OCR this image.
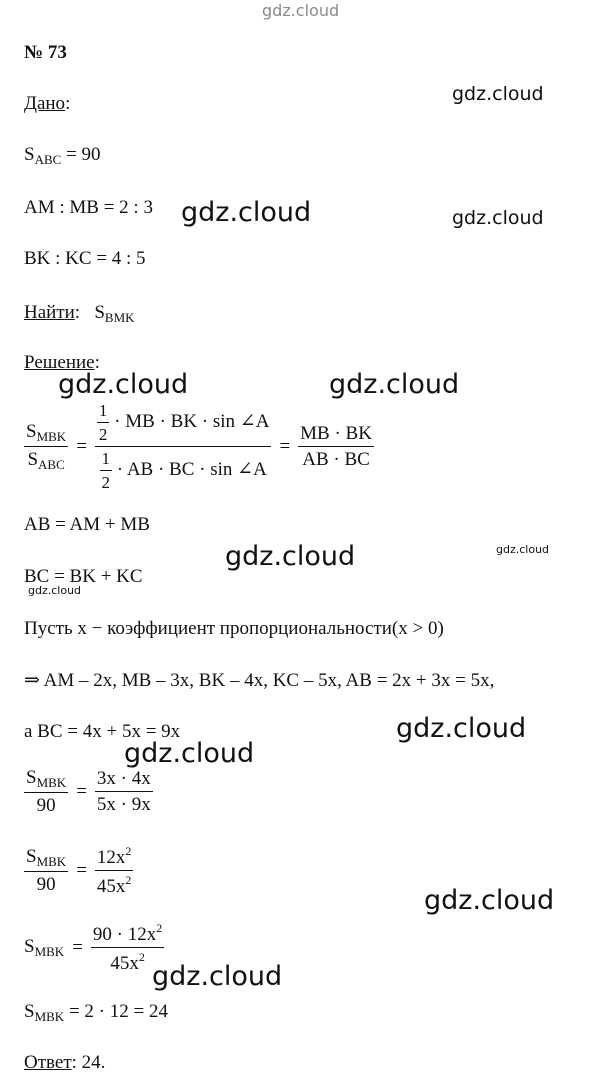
gdz.cloud
gdz.cloud
gdz.cloud	gdz.cloud
gdz.cloud	gdz.cloud
gdz.cloud	gdz.cloud
gdz.cloud
gdz.cloud
gdz.cloud
gdz.cloud
gdz.cloud
№ 73
Дано:
$S_{ABC} = 90$
AM : MB = 2 : 3
BK : KC = 4 : 5
Найти:   $S_{BMK}$
Решение:
$\frac{S_{MBK}}{S_{ABC}} = \frac{\frac{1}{2} \cdot MB \cdot BK \cdot \sin \angle A}{\frac{1}{2} \cdot AB \cdot BC \cdot \sin \angle A} = \frac{MB \cdot BK}{AB \cdot BC}$
AB = AM + MB
BC = BK + KC
Пусть x − коэффициент пропорциональности(x > 0)
⇒ AM – 2x, MB – 3x, BK – 4x, KC – 5x, AB = 2x + 3x = 5x,
a BC = 4x + 5x = 9x
$\frac{S_{MBK}}{90} = \frac{3x \cdot 4x}{5x \cdot 9x}$
$\frac{S_{MBK}}{90} = \frac{12x^2}{45x^2}$
$S_{MBK} = \frac{90 \cdot 12x^2}{45x^2}$
$S_{MBK} = 2 \cdot 12 = 24$
Ответ: 24.
